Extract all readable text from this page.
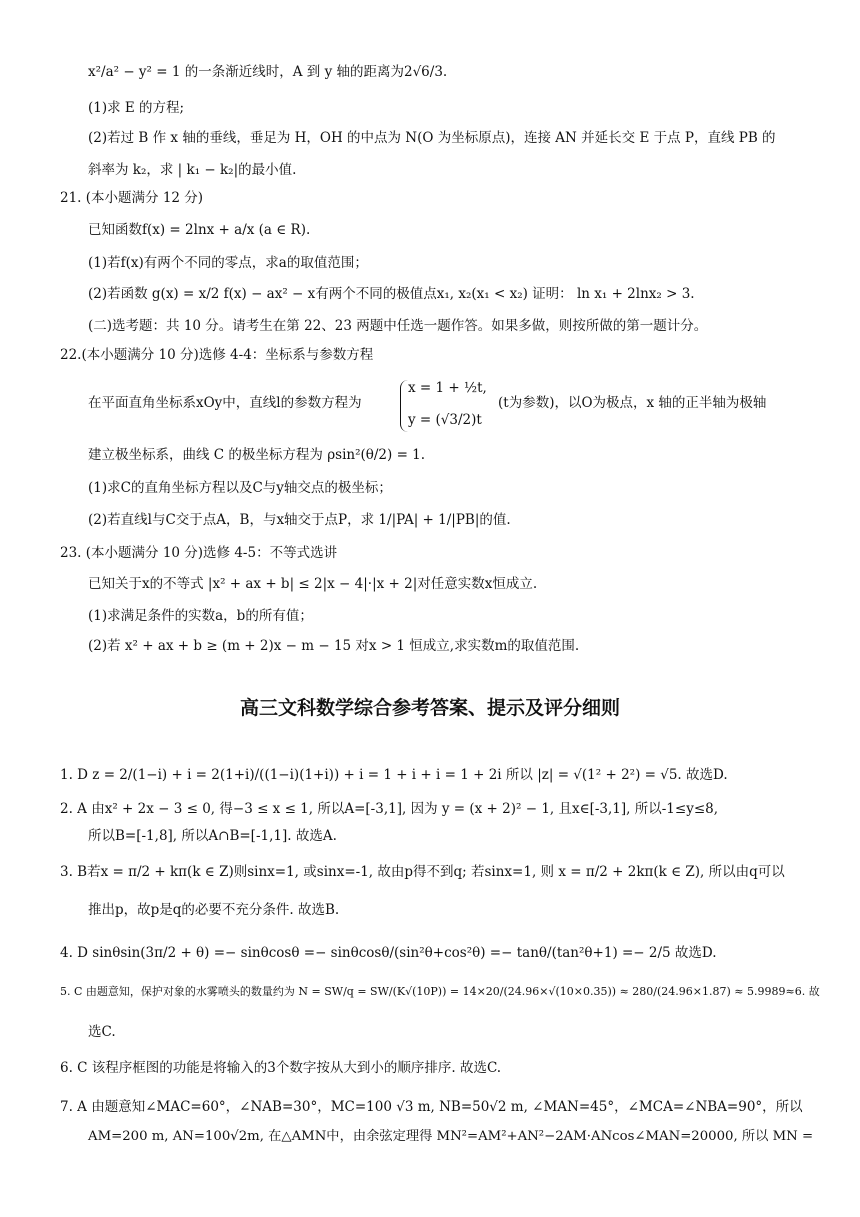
x²/a² − y² = 1 的一条渐近线时，A 到 y 轴的距离为2√6/3.
(1)求 E 的方程;
(2)若过 B 作 x 轴的垂线，垂足为 H，OH 的中点为 N(O 为坐标原点)，连接 AN 并延长交 E 于点 P，直线 PB 的
斜率为 k₂，求 | k₁ − k₂|的最小值.
21. (本小题满分 12 分)
已知函数f(x) = 2lnx + a/x (a ∈ R).
(1)若f(x)有两个不同的零点，求a的取值范围；
(2)若函数 g(x) = x/2 f(x) − ax² − x有两个不同的极值点x₁, x₂(x₁ < x₂) 证明： ln x₁ + 2lnx₂ > 3.
(二)选考题：共 10 分。请考生在第 22、23 两题中任选一题作答。如果多做，则按所做的第一题计分。
22.(本小题满分 10 分)选修 4-4：坐标系与参数方程
在平面直角坐标系xOy中，直线l的参数方程为
x = 1 + ½t,
y = (√3/2)t
(t为参数)，以O为极点，x 轴的正半轴为极轴
建立极坐标系，曲线 C 的极坐标方程为 ρsin²(θ/2) = 1.
(1)求C的直角坐标方程以及C与y轴交点的极坐标；
(2)若直线l与C交于点A，B，与x轴交于点P，求 1/|PA| + 1/|PB|的值.
23. (本小题满分 10 分)选修 4-5：不等式选讲
已知关于x的不等式 |x² + ax + b| ≤ 2|x − 4|·|x + 2|对任意实数x恒成立.
(1)求满足条件的实数a，b的所有值；
(2)若 x² + ax + b ≥ (m + 2)x − m − 15 对x > 1 恒成立,求实数m的取值范围.
高三文科数学综合参考答案、提示及评分细则
1. D z = 2/(1−i) + i = 2(1+i)/((1−i)(1+i)) + i = 1 + i + i = 1 + 2i 所以 |z| = √(1² + 2²) = √5. 故选D.
2. A 由x² + 2x − 3 ≤ 0, 得−3 ≤ x ≤ 1, 所以A=[-3,1], 因为 y = (x + 2)² − 1, 且x∈[-3,1], 所以-1≤y≤8,
所以B=[-1,8], 所以A∩B=[-1,1]. 故选A.
3. B若x = π/2 + kπ(k ∈ Z)则sinx=1, 或sinx=-1, 故由p得不到q; 若sinx=1, 则 x = π/2 + 2kπ(k ∈ Z), 所以由q可以
推出p，故p是q的必要不充分条件. 故选B.
4. D sinθsin(3π/2 + θ) =− sinθcosθ =− sinθcosθ/(sin²θ+cos²θ) =− tanθ/(tan²θ+1) =− 2/5 故选D.
5. C 由题意知，保护对象的水雾喷头的数量约为 N = SW/q = SW/(K√(10P)) = 14×20/(24.96×√(10×0.35)) ≈ 280/(24.96×1.87) ≈ 5.9989≈6. 故
选C.
6. C 该程序框图的功能是将输入的3个数字按从大到小的顺序排序. 故选C.
7. A 由题意知∠MAC=60°，∠NAB=30°，MC=100 √3 m, NB=50√2 m, ∠MAN=45°，∠MCA=∠NBA=90°，所以
AM=200 m, AN=100√2m, 在△AMN中，由余弦定理得 MN²=AM²+AN²−2AM·ANcos∠MAN=20000, 所以 MN =
